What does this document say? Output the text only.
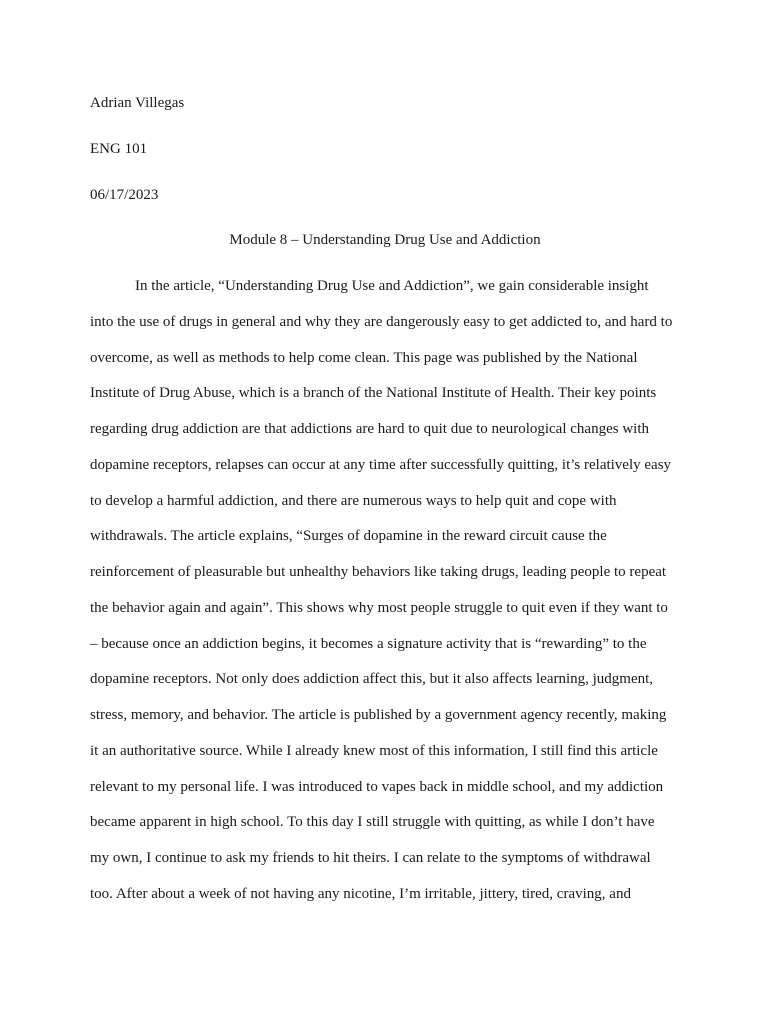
Adrian Villegas
ENG 101
06/17/2023
Module 8 – Understanding Drug Use and Addiction
In the article, “Understanding Drug Use and Addiction”, we gain considerable insight
into the use of drugs in general and why they are dangerously easy to get addicted to, and hard to
overcome, as well as methods to help come clean. This page was published by the National
Institute of Drug Abuse, which is a branch of the National Institute of Health. Their key points
regarding drug addiction are that addictions are hard to quit due to neurological changes with
dopamine receptors, relapses can occur at any time after successfully quitting, it’s relatively easy
to develop a harmful addiction, and there are numerous ways to help quit and cope with
withdrawals. The article explains, “Surges of dopamine in the reward circuit cause the
reinforcement of pleasurable but unhealthy behaviors like taking drugs, leading people to repeat
the behavior again and again”. This shows why most people struggle to quit even if they want to
– because once an addiction begins, it becomes a signature activity that is “rewarding” to the
dopamine receptors. Not only does addiction affect this, but it also affects learning, judgment,
stress, memory, and behavior. The article is published by a government agency recently, making
it an authoritative source. While I already knew most of this information, I still find this article
relevant to my personal life. I was introduced to vapes back in middle school, and my addiction
became apparent in high school. To this day I still struggle with quitting, as while I don’t have
my own, I continue to ask my friends to hit theirs. I can relate to the symptoms of withdrawal
too. After about a week of not having any nicotine, I’m irritable, jittery, tired, craving, and
